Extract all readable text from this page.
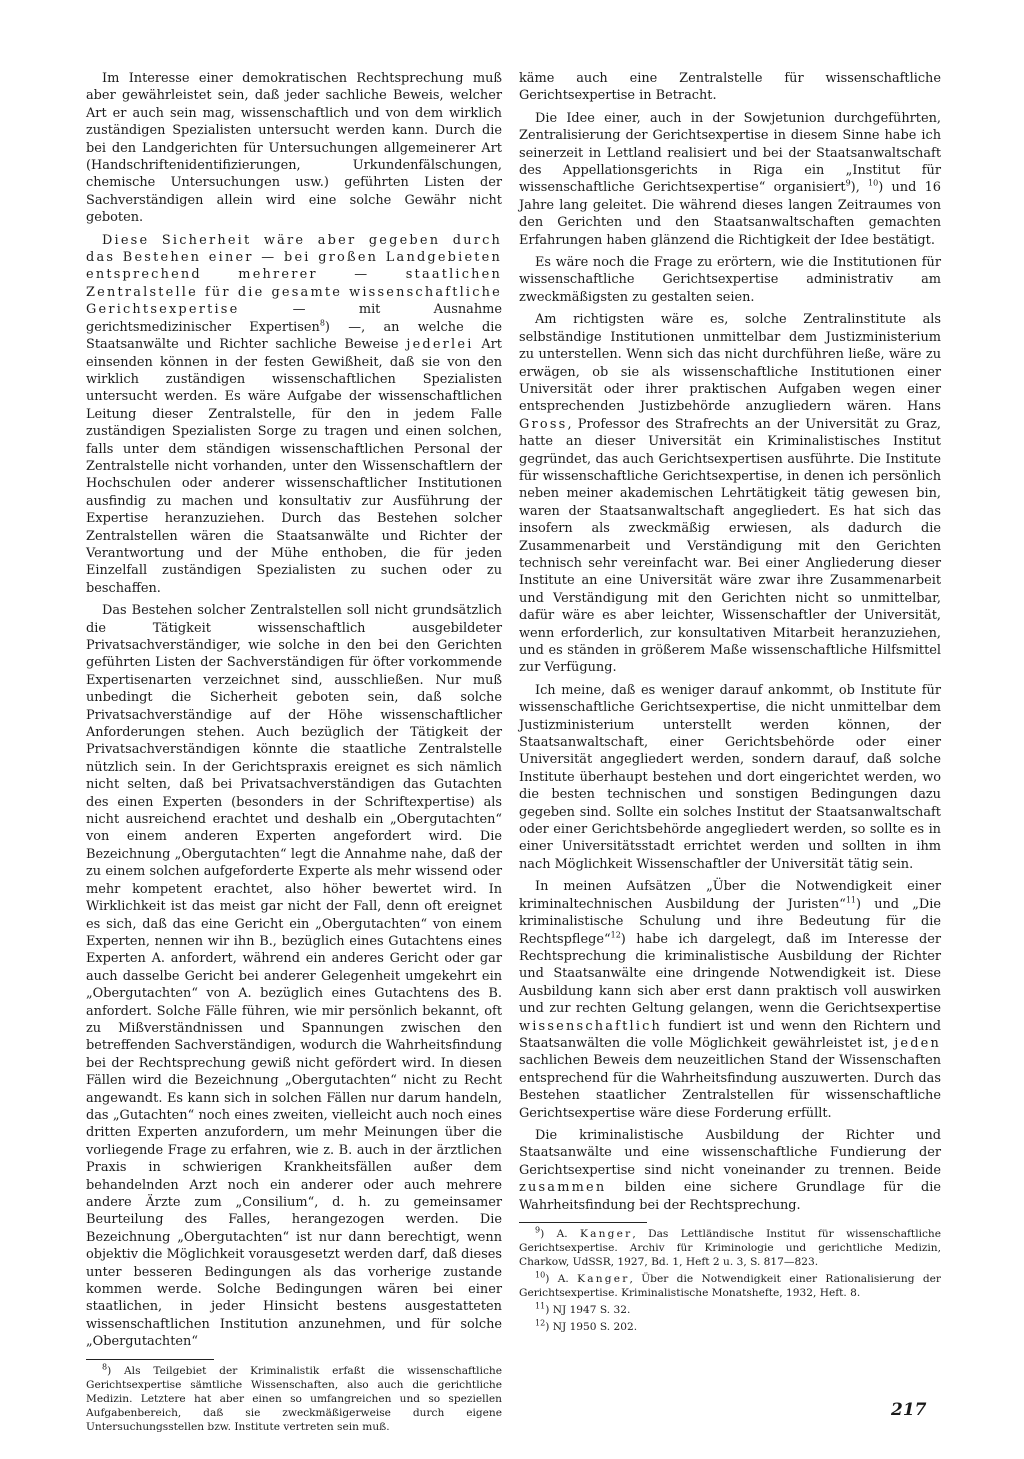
Im Interesse einer demokratischen Rechtsprechung muß aber gewährleistet sein, daß jeder sachliche Beweis, welcher Art er auch sein mag, wissenschaftlich und von dem wirklich zuständigen Spezialisten untersucht werden kann. Durch die bei den Landgerichten für Untersuchungen allgemeinerer Art (Handschriftenidentifizierungen, Urkundenfälschungen, chemische Untersuchungen usw.) geführten Listen der Sachverständigen allein wird eine solche Gewähr nicht geboten.

Diese Sicherheit wäre aber gegeben durch das Bestehen einer — bei großen Landgebieten entsprechend mehrerer — staatlichen Zentralstelle für die gesamte wissenschaftliche Gerichtsexpertise — mit Ausnahme gerichtsmedizinischer Expertisen$^8$) —, an welche die Staatsanwälte und Richter sachliche Beweise jederlei Art einsenden können in der festen Gewißheit, daß sie von den wirklich zuständigen wissenschaftlichen Spezialisten untersucht werden. Es wäre Aufgabe der wissenschaftlichen Leitung dieser Zentralstelle, für den in jedem Falle zuständigen Spezialisten Sorge zu tragen und einen solchen, falls unter dem ständigen wissenschaftlichen Personal der Zentralstelle nicht vorhanden, unter den Wissenschaftlern der Hochschulen oder anderer wissenschaftlicher Institutionen ausfindig zu machen und konsultativ zur Ausführung der Expertise heranzuziehen. Durch das Bestehen solcher Zentralstellen wären die Staatsanwälte und Richter der Verantwortung und der Mühe enthoben, die für jeden Einzelfall zuständigen Spezialisten zu suchen oder zu beschaffen.

Das Bestehen solcher Zentralstellen soll nicht grundsätzlich die Tätigkeit wissenschaftlich ausgebildeter Privatsachverständiger, wie solche in den bei den Gerichten geführten Listen der Sachverständigen für öfter vorkommende Expertisenarten verzeichnet sind, ausschließen. Nur muß unbedingt die Sicherheit geboten sein, daß solche Privatsachverständige auf der Höhe wissenschaftlicher Anforderungen stehen. Auch bezüglich der Tätigkeit der Privatsachverständigen könnte die staatliche Zentralstelle nützlich sein. In der Gerichtspraxis ereignet es sich nämlich nicht selten, daß bei Privatsachverständigen das Gutachten des einen Experten (besonders in der Schriftexpertise) als nicht ausreichend erachtet und deshalb ein „Obergutachten“ von einem anderen Experten angefordert wird. Die Bezeichnung „Obergutachten“ legt die Annahme nahe, daß der zu einem solchen aufgeforderte Experte als mehr wissend oder mehr kompetent erachtet, also höher bewertet wird. In Wirklichkeit ist das meist gar nicht der Fall, denn oft ereignet es sich, daß das eine Gericht ein „Obergutachten“ von einem Experten, nennen wir ihn B., bezüglich eines Gutachtens eines Experten A. anfordert, während ein anderes Gericht oder gar auch dasselbe Gericht bei anderer Gelegenheit umgekehrt ein „Obergutachten“ von A. bezüglich eines Gutachtens des B. anfordert. Solche Fälle führen, wie mir persönlich bekannt, oft zu Mißverständnissen und Spannungen zwischen den betreffenden Sachverständigen, wodurch die Wahrheitsfindung bei der Rechtsprechung gewiß nicht gefördert wird. In diesen Fällen wird die Bezeichnung „Obergutachten“ nicht zu Recht angewandt. Es kann sich in solchen Fällen nur darum handeln, das „Gutachten“ noch eines zweiten, vielleicht auch noch eines dritten Experten anzufordern, um mehr Meinungen über die vorliegende Frage zu erfahren, wie z. B. auch in der ärztlichen Praxis in schwierigen Krankheitsfällen außer dem behandelnden Arzt noch ein anderer oder auch mehrere andere Ärzte zum „Consilium“, d. h. zu gemeinsamer Beurteilung des Falles, herangezogen werden. Die Bezeichnung „Obergutachten“ ist nur dann berechtigt, wenn objektiv die Möglichkeit vorausgesetzt werden darf, daß dieses unter besseren Bedingungen als das vorherige zustande kommen werde. Solche Bedingungen wären bei einer staatlichen, in jeder Hinsicht bestens ausgestatteten wissenschaftlichen Institution anzunehmen, und für solche „Obergutachten“

$^8$) Als Teilgebiet der Kriminalistik erfaßt die wissenschaftliche Gerichtsexpertise sämtliche Wissenschaften, also auch die gerichtliche Medizin. Letztere hat aber einen so umfangreichen und so speziellen Aufgabenbereich, daß sie zweckmäßigerweise durch eigene Untersuchungsstellen bzw. Institute vertreten sein muß.

käme auch eine Zentralstelle für wissenschaftliche Gerichtsexpertise in Betracht.

Die Idee einer, auch in der Sowjetunion durchgeführten, Zentralisierung der Gerichtsexpertise in diesem Sinne habe ich seinerzeit in Lettland realisiert und bei der Staatsanwaltschaft des Appellationsgerichts in Riga ein „Institut für wissenschaftliche Gerichtsexpertise“ organisiert$^9$), $^{10}$) und 16 Jahre lang geleitet. Die während dieses langen Zeitraumes von den Gerichten und den Staatsanwaltschaften gemachten Erfahrungen haben glänzend die Richtigkeit der Idee bestätigt.

Es wäre noch die Frage zu erörtern, wie die Institutionen für wissenschaftliche Gerichtsexpertise administrativ am zweckmäßigsten zu gestalten seien.

Am richtigsten wäre es, solche Zentralinstitute als selbständige Institutionen unmittelbar dem Justizministerium zu unterstellen. Wenn sich das nicht durchführen ließe, wäre zu erwägen, ob sie als wissenschaftliche Institutionen einer Universität oder ihrer praktischen Aufgaben wegen einer entsprechenden Justizbehörde anzugliedern wären. Hans Gross, Professor des Strafrechts an der Universität zu Graz, hatte an dieser Universität ein Kriminalistisches Institut gegründet, das auch Gerichtsexpertisen ausführte. Die Institute für wissenschaftliche Gerichtsexpertise, in denen ich persönlich neben meiner akademischen Lehrtätigkeit tätig gewesen bin, waren der Staatsanwaltschaft angegliedert. Es hat sich das insofern als zweckmäßig erwiesen, als dadurch die Zusammenarbeit und Verständigung mit den Gerichten technisch sehr vereinfacht war. Bei einer Angliederung dieser Institute an eine Universität wäre zwar ihre Zusammenarbeit und Verständigung mit den Gerichten nicht so unmittelbar, dafür wäre es aber leichter, Wissenschaftler der Universität, wenn erforderlich, zur konsultativen Mitarbeit heranzuziehen, und es ständen in größerem Maße wissenschaftliche Hilfsmittel zur Verfügung.

Ich meine, daß es weniger darauf ankommt, ob Institute für wissenschaftliche Gerichtsexpertise, die nicht unmittelbar dem Justizministerium unterstellt werden können, der Staatsanwaltschaft, einer Gerichtsbehörde oder einer Universität angegliedert werden, sondern darauf, daß solche Institute überhaupt bestehen und dort eingerichtet werden, wo die besten technischen und sonstigen Bedingungen dazu gegeben sind. Sollte ein solches Institut der Staatsanwaltschaft oder einer Gerichtsbehörde angegliedert werden, so sollte es in einer Universitätsstadt errichtet werden und sollten in ihm nach Möglichkeit Wissenschaftler der Universität tätig sein.

In meinen Aufsätzen „Über die Notwendigkeit einer kriminaltechnischen Ausbildung der Juristen“$^{11}$) und „Die kriminalistische Schulung und ihre Bedeutung für die Rechtspflege“$^{12}$) habe ich dargelegt, daß im Interesse der Rechtsprechung die kriminalistische Ausbildung der Richter und Staatsanwälte eine dringende Notwendigkeit ist. Diese Ausbildung kann sich aber erst dann praktisch voll auswirken und zur rechten Geltung gelangen, wenn die Gerichtsexpertise wissenschaftlich fundiert ist und wenn den Richtern und Staatsanwälten die volle Möglichkeit gewährleistet ist, jeden sachlichen Beweis dem neuzeitlichen Stand der Wissenschaften entsprechend für die Wahrheitsfindung auszuwerten. Durch das Bestehen staatlicher Zentralstellen für wissenschaftliche Gerichtsexpertise wäre diese Forderung erfüllt.

Die kriminalistische Ausbildung der Richter und Staatsanwälte und eine wissenschaftliche Fundierung der Gerichtsexpertise sind nicht voneinander zu trennen. Beide zusammen bilden eine sichere Grundlage für die Wahrheitsfindung bei der Rechtsprechung.

$^9$) A. Kanger, Das Lettländische Institut für wissenschaftliche Gerichtsexpertise. Archiv für Kriminologie und gerichtliche Medizin, Charkow, UdSSR, 1927, Bd. 1, Heft 2 u. 3, S. 817—823.

$^{10}$) A. Kanger, Über die Notwendigkeit einer Rationalisierung der Gerichtsexpertise. Kriminalistische Monatshefte, 1932, Heft. 8.

$^{11}$) NJ 1947 S. 32.

$^{12}$) NJ 1950 S. 202.

217
